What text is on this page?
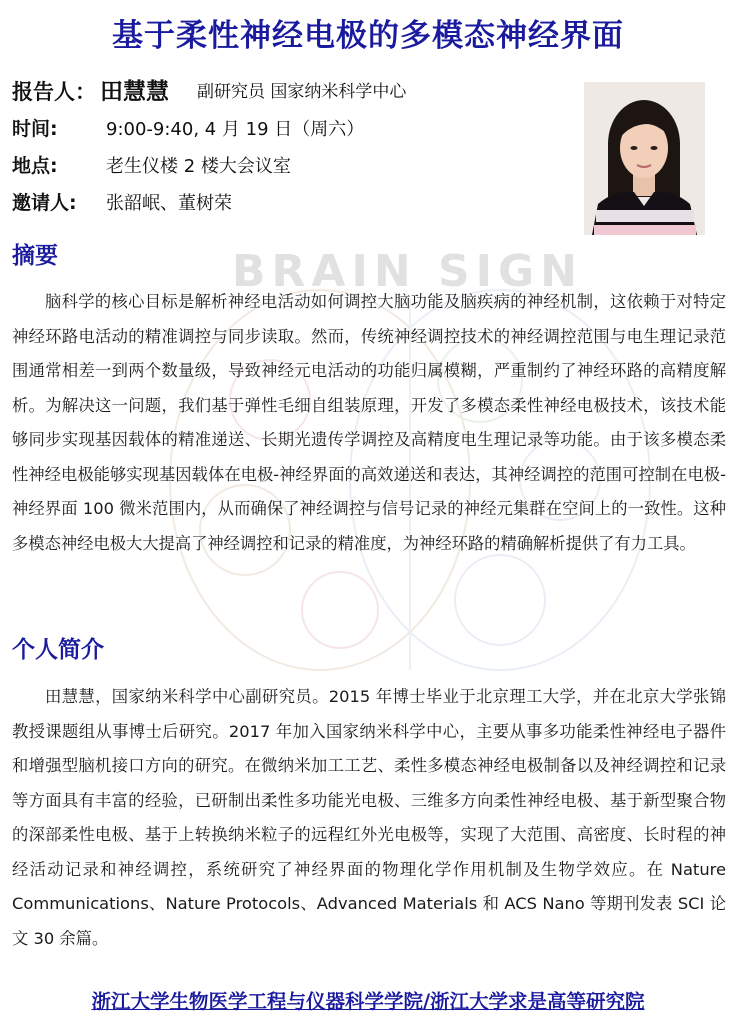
BRAIN SIGN
基于柔性神经电极的多模态神经界面
报告人： 田慧慧 副研究员 国家纳米科学中心
时间:	9:00-9:40, 4 月 19 日（周六）
地点:	老生仪楼 2 楼大会议室
邀请人: 张韶岷、董树荣
摘要
脑科学的核心目标是解析神经电活动如何调控大脑功能及脑疾病的神经机制，这依赖于对特定神经环路电活动的精准调控与同步读取。然而，传统神经调控技术的神经调控范围与电生理记录范围通常相差一到两个数量级，导致神经元电活动的功能归属模糊，严重制约了神经环路的高精度解析。为解决这一问题，我们基于弹性毛细自组装原理，开发了多模态柔性神经电极技术，该技术能够同步实现基因载体的精准递送、长期光遗传学调控及高精度电生理记录等功能。由于该多模态柔性神经电极能够实现基因载体在电极-神经界面的高效递送和表达，其神经调控的范围可控制在电极-神经界面 100 微米范围内，从而确保了神经调控与信号记录的神经元集群在空间上的一致性。这种多模态神经电极大大提高了神经调控和记录的精准度，为神经环路的精确解析提供了有力工具。
个人简介
田慧慧，国家纳米科学中心副研究员。2015 年博士毕业于北京理工大学，并在北京大学张锦教授课题组从事博士后研究。2017 年加入国家纳米科学中心，主要从事多功能柔性神经电子器件和增强型脑机接口方向的研究。在微纳米加工工艺、柔性多模态神经电极制备以及神经调控和记录等方面具有丰富的经验，已研制出柔性多功能光电极、三维多方向柔性神经电极、基于新型聚合物的深部柔性电极、基于上转换纳米粒子的远程红外光电极等，实现了大范围、高密度、长时程的神经活动记录和神经调控，系统研究了神经界面的物理化学作用机制及生物学效应。在 Nature Communications、Nature Protocols、Advanced Materials 和 ACS Nano 等期刊发表 SCI 论文 30 余篇。
浙江大学生物医学工程与仪器科学学院/浙江大学求是高等研究院
